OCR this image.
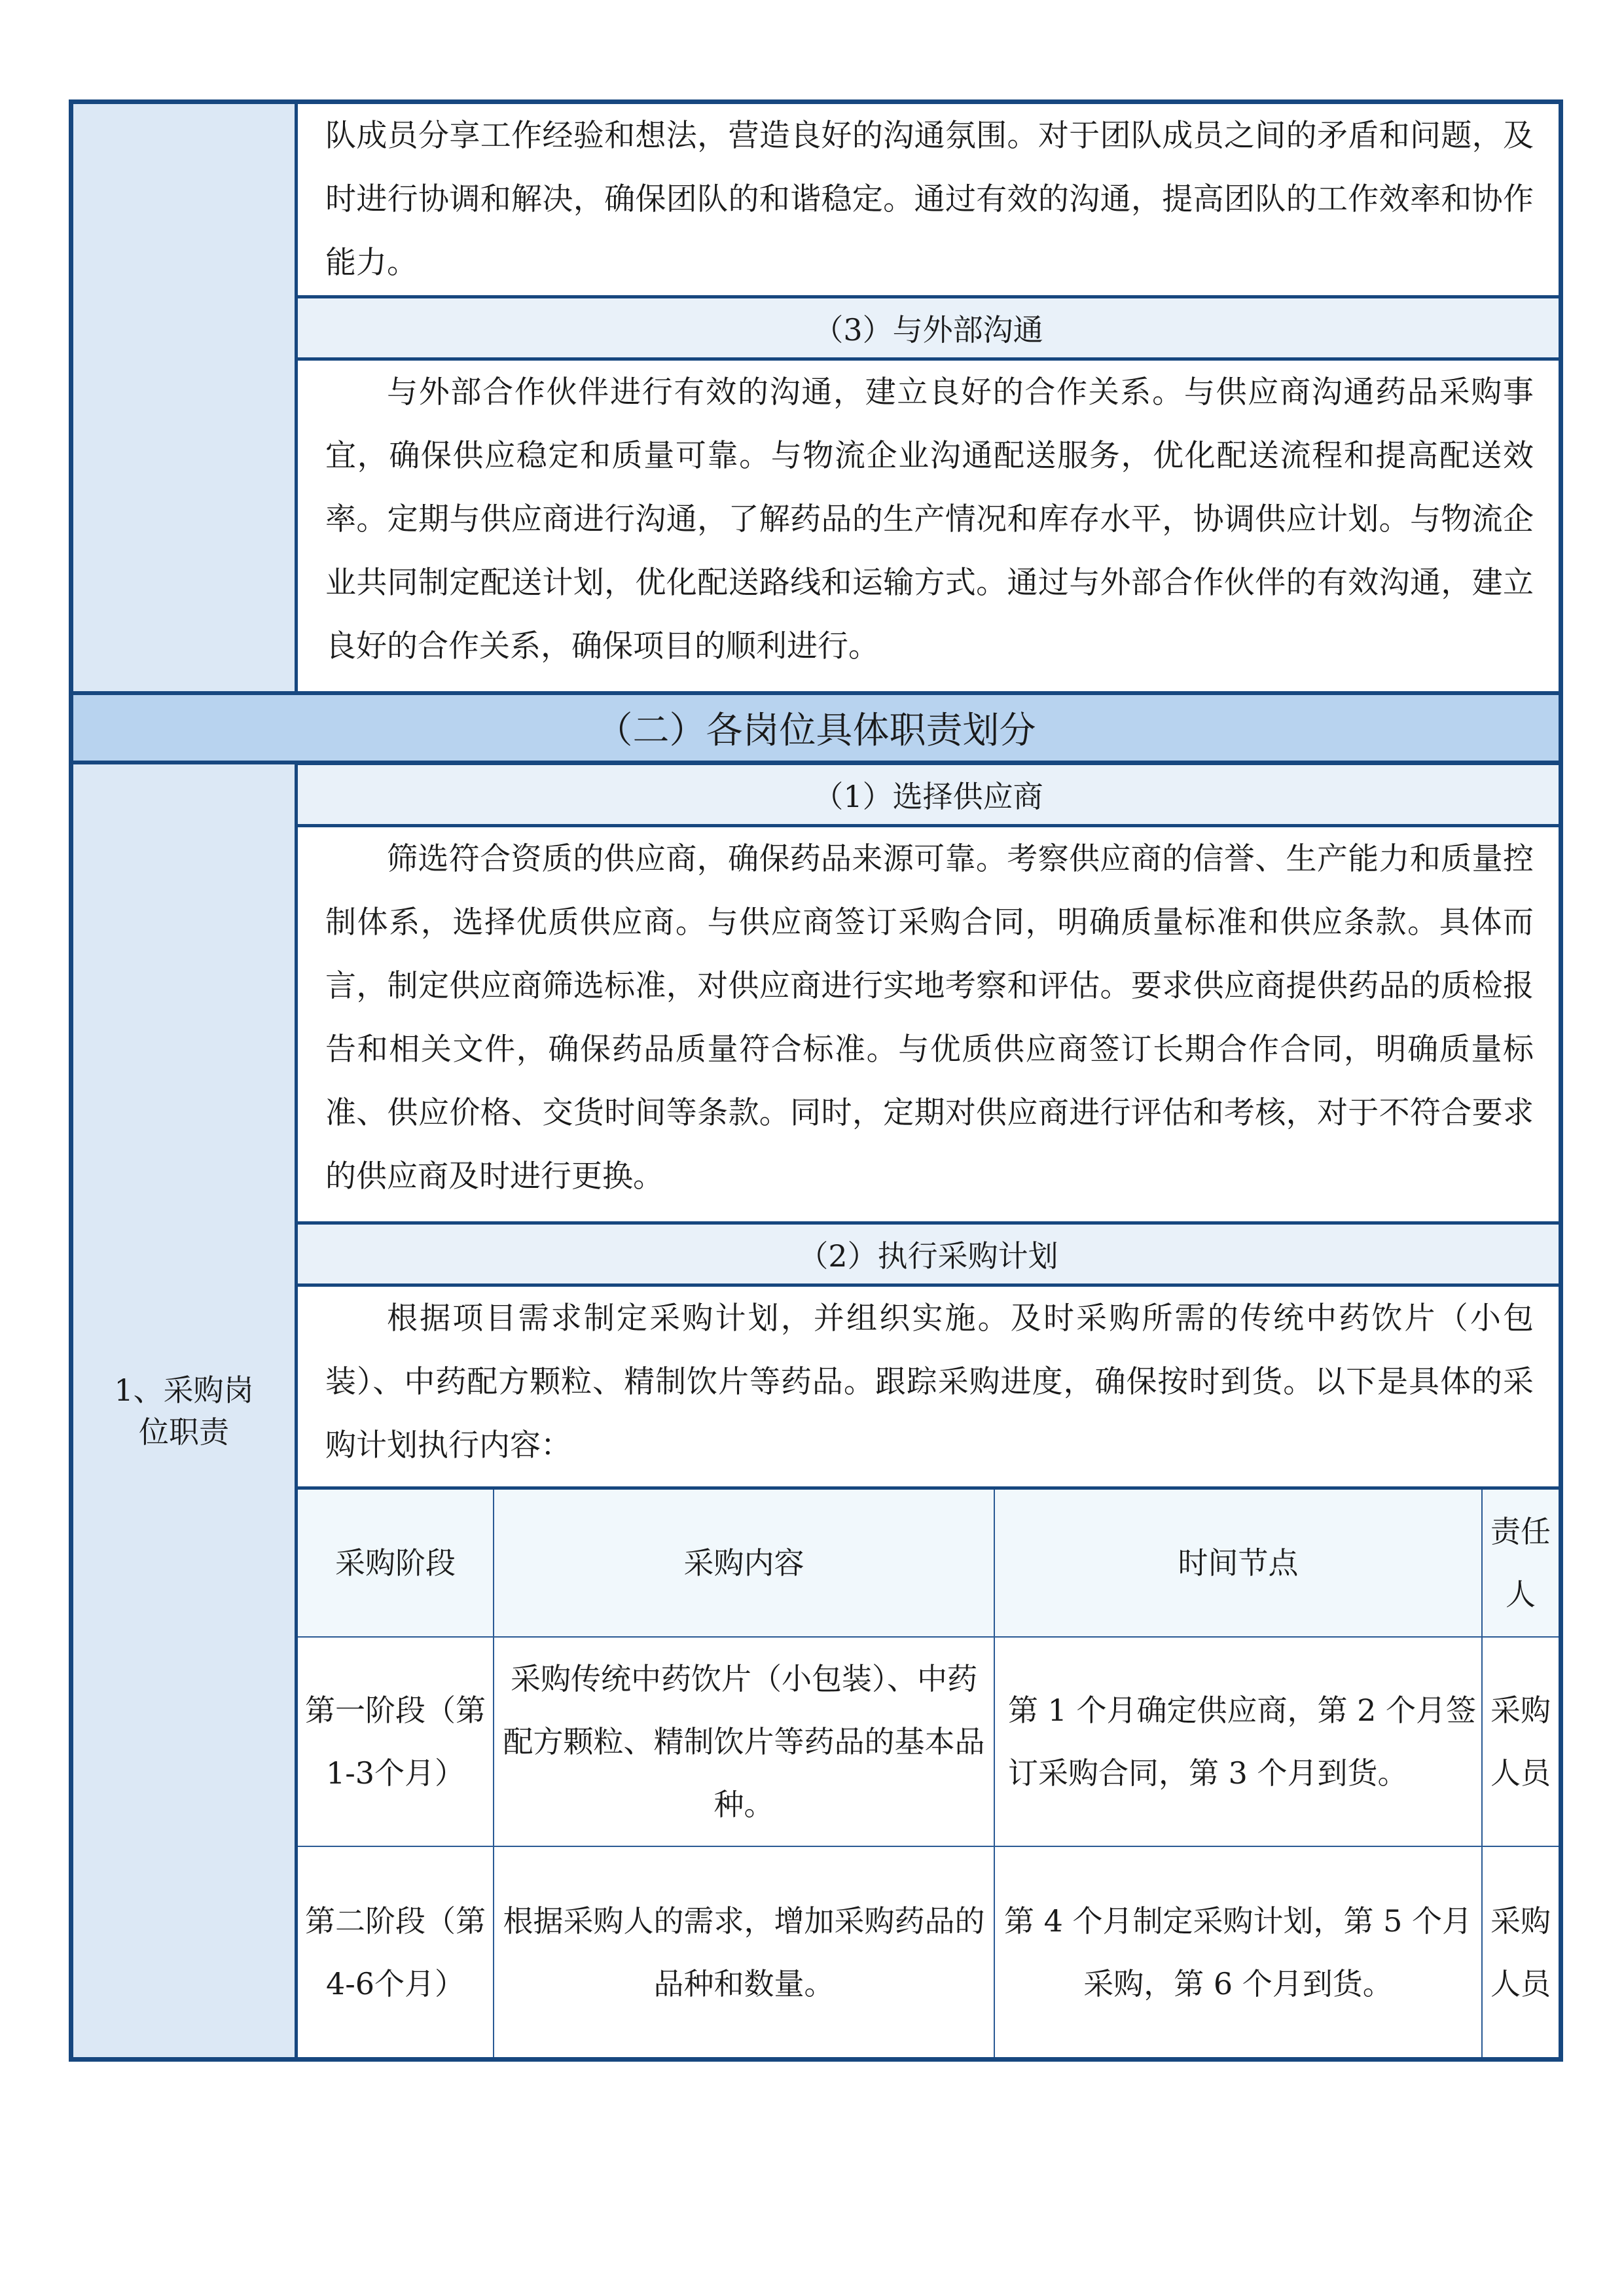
队成员分享工作经验和想法，营造良好的沟通氛围。对于团队成员之间的矛盾和问题，及时进行协调和解决，确保团队的和谐稳定。通过有效的沟通，提高团队的工作效率和协作能力。
（3）与外部沟通
与外部合作伙伴进行有效的沟通，建立良好的合作关系。与供应商沟通药品采购事宜，确保供应稳定和质量可靠。与物流企业沟通配送服务，优化配送流程和提高配送效率。定期与供应商进行沟通，了解药品的生产情况和库存水平，协调供应计划。与物流企业共同制定配送计划，优化配送路线和运输方式。通过与外部合作伙伴的有效沟通，建立良好的合作关系，确保项目的顺利进行。
（二）各岗位具体职责划分
1、采购岗位职责
（1）选择供应商
筛选符合资质的供应商，确保药品来源可靠。考察供应商的信誉、生产能力和质量控制体系，选择优质供应商。与供应商签订采购合同，明确质量标准和供应条款。具体而言，制定供应商筛选标准，对供应商进行实地考察和评估。要求供应商提供药品的质检报告和相关文件，确保药品质量符合标准。与优质供应商签订长期合作合同，明确质量标准、供应价格、交货时间等条款。同时，定期对供应商进行评估和考核，对于不符合要求的供应商及时进行更换。
（2）执行采购计划
根据项目需求制定采购计划，并组织实施。及时采购所需的传统中药饮片（小包装）、中药配方颗粒、精制饮片等药品。跟踪采购进度，确保按时到货。以下是具体的采购计划执行内容：
采购阶段	采购内容	时间节点
责任人
第一阶段（第1-3个月）
采购传统中药饮片（小包装）、中药配方颗粒、精制饮片等药品的基本品种。
第 1 个月确定供应商，第 2 个月签订采购合同，第 3 个月到货。
采购人员
第二阶段（第4-6个月）
根据采购人的需求，增加采购药品的品种和数量。
第 4 个月制定采购计划，第 5 个月采购，第 6 个月到货。
采购人员
